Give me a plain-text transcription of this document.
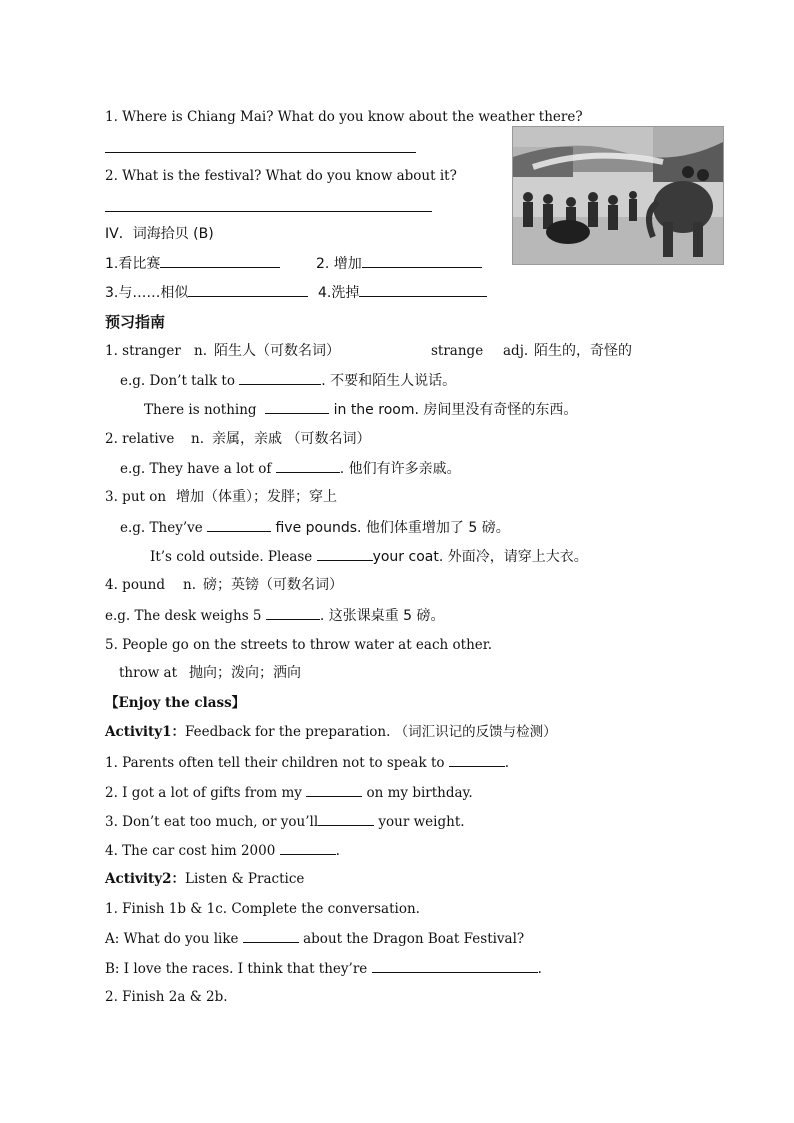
1. Where is Chiang Mai? What do you know about the weather there?
2. What is the festival? What do you know about it?
IV．词海拾贝 (B)
1.看比赛	2. 增加
3.与……相似	4.洗掉
预习指南
1. stranger n. 陌生人（可数名词）	strange adj. 陌生的，奇怪的
e.g. Don’t talk to	. 不要和陌生人说话。
There is nothing	in the room. 房间里没有奇怪的东西。
2. relative n. 亲属，亲戚 （可数名词）
e.g. They have a lot of	. 他们有许多亲戚。
3. put on 增加（体重）；发胖；穿上
e.g. They’ve	five pounds. 他们体重增加了 5 磅。
It’s cold outside. Please	your coat. 外面冷，请穿上大衣。
4. pound n. 磅；英镑（可数名词）
e.g. The desk weighs 5	. 这张课桌重 5 磅。
5. People go on the streets to throw water at each other.
throw at 抛向；泼向；洒向
【Enjoy the class】
Activity1：Feedback for the preparation. （词汇识记的反馈与检测）
1. Parents often tell their children not to speak to	.
2. I got a lot of gifts from my	on my birthday.
3. Don’t eat too much, or you’ll	your weight.
4. The car cost him 2000	.
Activity2：Listen & Practice
1. Finish 1b & 1c. Complete the conversation.
A: What do you like	about the Dragon Boat Festival?
B: I love the races. I think that they’re	.
2. Finish 2a & 2b.
